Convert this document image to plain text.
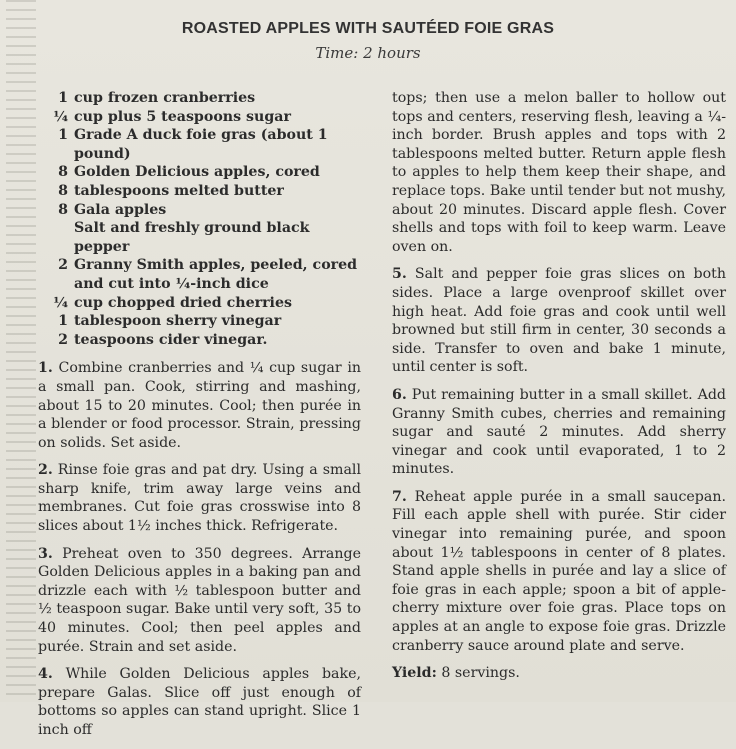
ROASTED APPLES WITH SAUTÉED FOIE GRAS
Time: 2 hours
1 cup frozen cranberries
¼ cup plus 5 teaspoons sugar
1 Grade A duck foie gras (about 1 pound)
8 Golden Delicious apples, cored
8 tablespoons melted butter
8 Gala apples
Salt and freshly ground black pepper
2 Granny Smith apples, peeled, cored and cut into ¼-inch dice
¼ cup chopped dried cherries
1 tablespoon sherry vinegar
2 teaspoons cider vinegar.

1. Combine cranberries and ¼ cup sugar in a small pan. Cook, stirring and mashing, about 15 to 20 minutes. Cool; then purée in a blender or food processor. Strain, pressing on solids. Set aside.

2. Rinse foie gras and pat dry. Using a small sharp knife, trim away large veins and membranes. Cut foie gras crosswise into 8 slices about 1½ inches thick. Refrigerate.

3. Preheat oven to 350 degrees. Arrange Golden Delicious apples in a baking pan and drizzle each with ½ tablespoon butter and ½ teaspoon sugar. Bake until very soft, 35 to 40 minutes. Cool; then peel apples and purée. Strain and set aside.

4. While Golden Delicious apples bake, prepare Galas. Slice off just enough of bottoms so apples can stand upright. Slice 1 inch off

tops; then use a melon baller to hollow out tops and centers, reserving flesh, leaving a ¼-inch border. Brush apples and tops with 2 tablespoons melted butter. Return apple flesh to apples to help them keep their shape, and replace tops. Bake until tender but not mushy, about 20 minutes. Discard apple flesh. Cover shells and tops with foil to keep warm. Leave oven on.

5. Salt and pepper foie gras slices on both sides. Place a large ovenproof skillet over high heat. Add foie gras and cook until well browned but still firm in center, 30 seconds a side. Transfer to oven and bake 1 minute, until center is soft.

6. Put remaining butter in a small skillet. Add Granny Smith cubes, cherries and remaining sugar and sauté 2 minutes. Add sherry vinegar and cook until evaporated, 1 to 2 minutes.

7. Reheat apple purée in a small saucepan. Fill each apple shell with purée. Stir cider vinegar into remaining purée, and spoon about 1½ tablespoons in center of 8 plates. Stand apple shells in purée and lay a slice of foie gras in each apple; spoon a bit of apple-cherry mixture over foie gras. Place tops on apples at an angle to expose foie gras. Drizzle cranberry sauce around plate and serve.

Yield: 8 servings.
